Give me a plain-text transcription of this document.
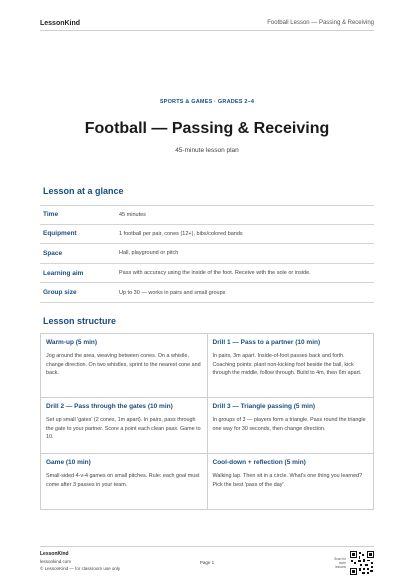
LessonKind	Football Lesson — Passing & Receiving
SPORTS & GAMES · GRADES 2–4
Football — Passing & Receiving
45-minute lesson plan
Lesson at a glance
Time	45 minutes
Equipment	1 football per pair, cones (12+), bibs/colored bands
Space	Hall, playground or pitch
Learning aim	Pass with accuracy using the inside of the foot. Receive with the sole or inside.
Group size	Up to 30 — works in pairs and small groups
Lesson structure
Warm-up (5 min)
Jog around the area, weaving between cones. On a whistle, change direction. On two whistles, sprint to the nearest cone and back.
Drill 1 — Pass to a partner (10 min)
In pairs, 3m apart. Inside-of-foot passes back and forth. Coaching points: plant non-kicking foot beside the ball, kick through the middle, follow through. Build to 4m, then 6m apart.
Drill 2 — Pass through the gates (10 min)
Set up small 'gates' (2 cones, 1m apart). In pairs, pass through the gate to your partner. Score a point each clean pass. Game to 10.
Drill 3 — Triangle passing (5 min)
In groups of 3 — players form a triangle. Pass round the triangle one way for 30 seconds, then change direction.
Game (10 min)
Small-sided 4-v-4 games on small pitches. Rule: each goal must come after 3 passes in your team.
Cool-down + reflection (5 min)
Walking lap. Then sit in a circle. What's one thing you learned? Pick the best 'pass of the day'.
LessonKind
lessonkind.com
© LessonKind — for classroom use only
Page 1
Scan for more lessons
